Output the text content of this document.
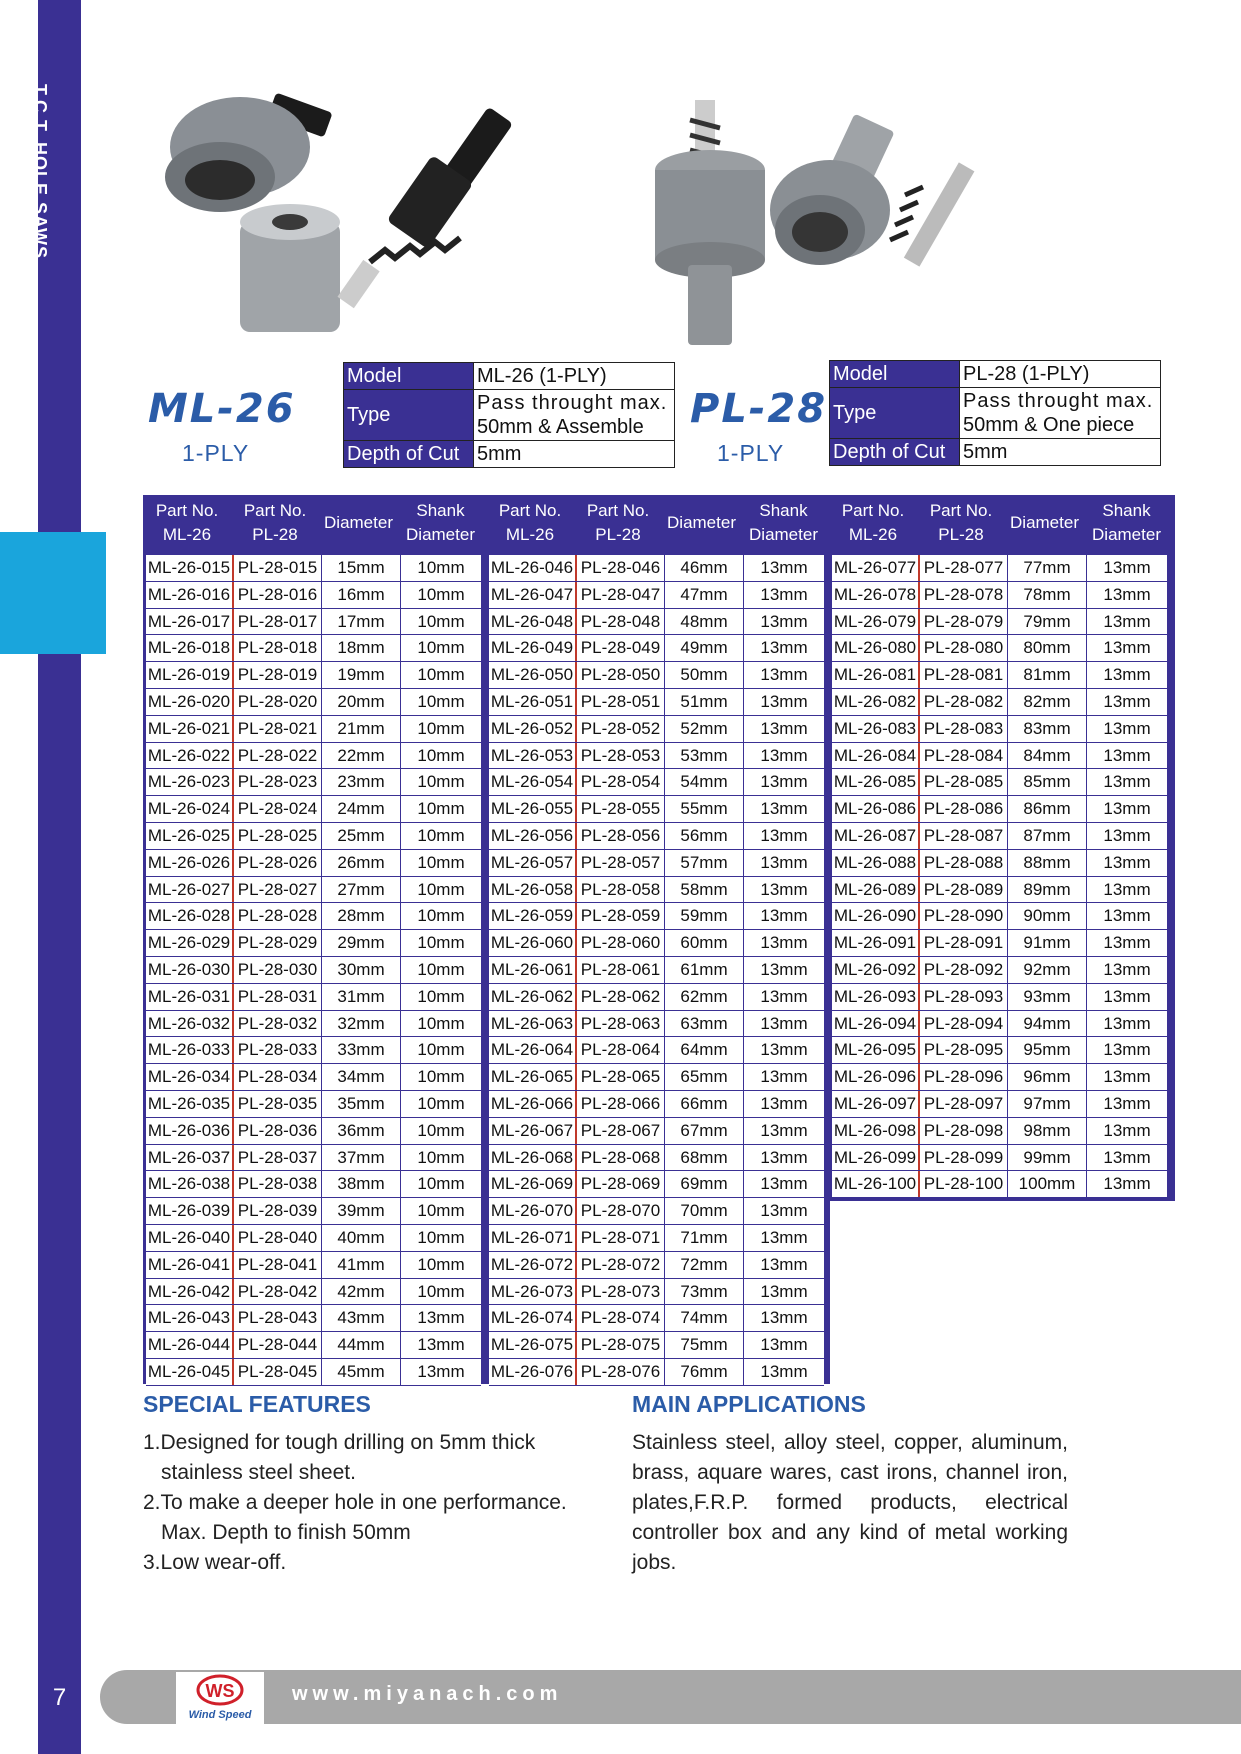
T.C.T. HOLE SAWS
7
ML-26
1-PLY
Model	ML-26 (1-PLY)
Type	Pass throught max.
50mm & Assemble

Depth of Cut	5mm
PL-28
1-PLY
Model	PL-28 (1-PLY)
Type	Pass throught max.
50mm & One piece

Depth of Cut	5mm
Part No.
ML-26
Part No.
PL-28
Diameter
Shank
Diameter
ML-26-015 PL-28-015	15mm	10mm
ML-26-016 PL-28-016	16mm	10mm
ML-26-017 PL-28-017	17mm	10mm
ML-26-018 PL-28-018	18mm	10mm
ML-26-019 PL-28-019	19mm	10mm
ML-26-020 PL-28-020	20mm	10mm
ML-26-021 PL-28-021	21mm	10mm
ML-26-022 PL-28-022	22mm	10mm
ML-26-023 PL-28-023	23mm	10mm
ML-26-024 PL-28-024	24mm	10mm
ML-26-025 PL-28-025	25mm	10mm
ML-26-026 PL-28-026	26mm	10mm
ML-26-027 PL-28-027	27mm	10mm
ML-26-028 PL-28-028	28mm	10mm
ML-26-029 PL-28-029	29mm	10mm
ML-26-030 PL-28-030	30mm	10mm
ML-26-031 PL-28-031	31mm	10mm
ML-26-032 PL-28-032	32mm	10mm
ML-26-033 PL-28-033	33mm	10mm
ML-26-034 PL-28-034	34mm	10mm
ML-26-035 PL-28-035	35mm	10mm
ML-26-036 PL-28-036	36mm	10mm
ML-26-037 PL-28-037	37mm	10mm
ML-26-038 PL-28-038	38mm	10mm
ML-26-039 PL-28-039	39mm	10mm
ML-26-040 PL-28-040	40mm	10mm
ML-26-041 PL-28-041	41mm	10mm
ML-26-042 PL-28-042	42mm	10mm
ML-26-043 PL-28-043	43mm	13mm
ML-26-044 PL-28-044	44mm	13mm
ML-26-045 PL-28-045	45mm	13mm
Part No.
ML-26
Part No.
PL-28
Diameter
Shank
Diameter
ML-26-046 PL-28-046	46mm	13mm
ML-26-047 PL-28-047	47mm	13mm
ML-26-048 PL-28-048	48mm	13mm
ML-26-049 PL-28-049	49mm	13mm
ML-26-050 PL-28-050	50mm	13mm
ML-26-051 PL-28-051	51mm	13mm
ML-26-052 PL-28-052	52mm	13mm
ML-26-053 PL-28-053	53mm	13mm
ML-26-054 PL-28-054	54mm	13mm
ML-26-055 PL-28-055	55mm	13mm
ML-26-056 PL-28-056	56mm	13mm
ML-26-057 PL-28-057	57mm	13mm
ML-26-058 PL-28-058	58mm	13mm
ML-26-059 PL-28-059	59mm	13mm
ML-26-060 PL-28-060	60mm	13mm
ML-26-061 PL-28-061	61mm	13mm
ML-26-062 PL-28-062	62mm	13mm
ML-26-063 PL-28-063	63mm	13mm
ML-26-064 PL-28-064	64mm	13mm
ML-26-065 PL-28-065	65mm	13mm
ML-26-066 PL-28-066	66mm	13mm
ML-26-067 PL-28-067	67mm	13mm
ML-26-068 PL-28-068	68mm	13mm
ML-26-069 PL-28-069	69mm	13mm
ML-26-070 PL-28-070	70mm	13mm
ML-26-071 PL-28-071	71mm	13mm
ML-26-072 PL-28-072	72mm	13mm
ML-26-073 PL-28-073	73mm	13mm
ML-26-074 PL-28-074	74mm	13mm
ML-26-075 PL-28-075	75mm	13mm
ML-26-076 PL-28-076	76mm	13mm
Part No.
ML-26
Part No.
PL-28
Diameter
Shank
Diameter
ML-26-077 PL-28-077	77mm	13mm
ML-26-078 PL-28-078	78mm	13mm
ML-26-079 PL-28-079	79mm	13mm
ML-26-080 PL-28-080	80mm	13mm
ML-26-081 PL-28-081	81mm	13mm
ML-26-082 PL-28-082	82mm	13mm
ML-26-083 PL-28-083	83mm	13mm
ML-26-084 PL-28-084	84mm	13mm
ML-26-085 PL-28-085	85mm	13mm
ML-26-086 PL-28-086	86mm	13mm
ML-26-087 PL-28-087	87mm	13mm
ML-26-088 PL-28-088	88mm	13mm
ML-26-089 PL-28-089	89mm	13mm
ML-26-090 PL-28-090	90mm	13mm
ML-26-091 PL-28-091	91mm	13mm
ML-26-092 PL-28-092	92mm	13mm
ML-26-093 PL-28-093	93mm	13mm
ML-26-094 PL-28-094	94mm	13mm
ML-26-095 PL-28-095	95mm	13mm
ML-26-096 PL-28-096	96mm	13mm
ML-26-097 PL-28-097	97mm	13mm
ML-26-098 PL-28-098	98mm	13mm
ML-26-099 PL-28-099	99mm	13mm
ML-26-100 PL-28-100 100mm	13mm
SPECIAL FEATURES
1.Designed for tough drilling on 5mm thick stainless steel sheet.
2.To make a deeper hole in one performance. Max. Depth to finish 50mm
3.Low wear-off.
MAIN APPLICATIONS
Stainless steel, alloy steel, copper, aluminum, brass, aquare wares, cast irons, channel iron, plates,F.R.P. formed products, electrical controller box and any kind of metal working jobs.
WS
Wind Speed
www.miyanach.com
